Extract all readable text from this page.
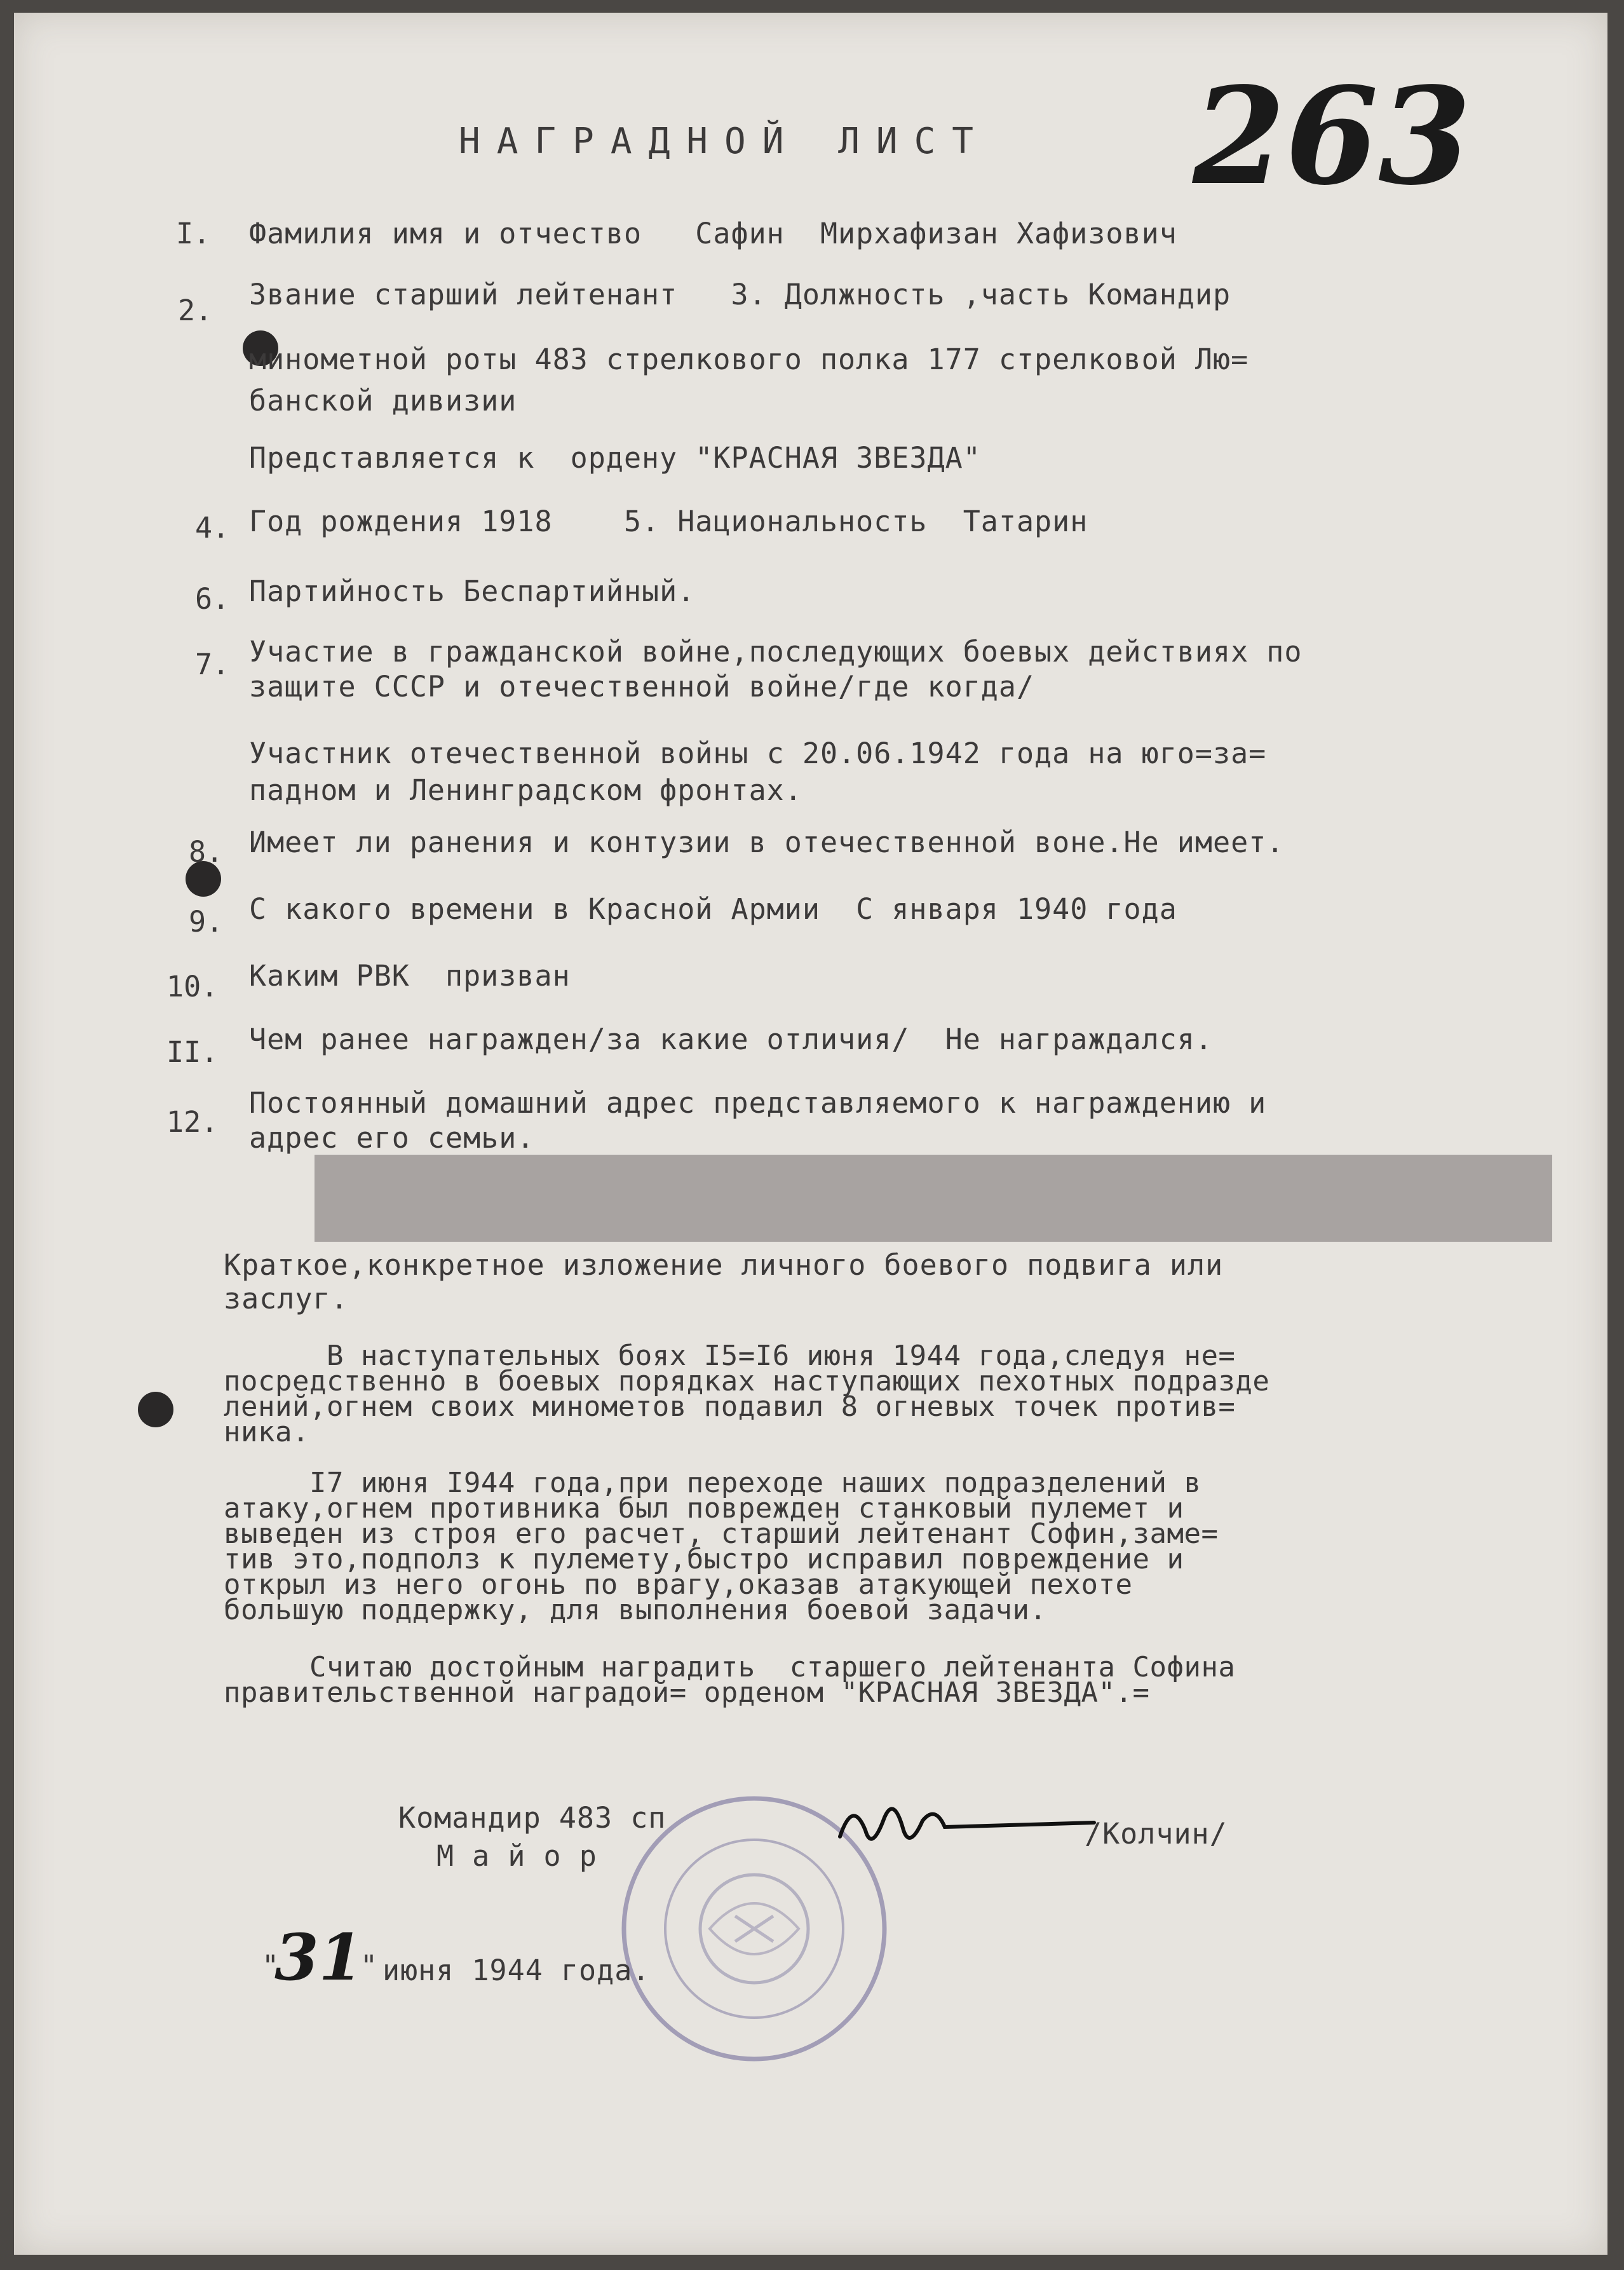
НАГРАДНОЙ ЛИСТ 263
I. Фамилия имя и отчество   Сафин  Мирхафизан Хафизович
2. Звание старший лейтенант   3. Должность ,часть Командир
минометной роты 483 стрелкового полка 177 стрелковой Лю=
банской дивизии
Представляется к  ордену "КРАСНАЯ ЗВЕЗДА"
4. Год рождения 1918    5. Национальность  Татарин
6. Партийность Беспартийный.
7. Участие в гражданской войне,последующих боевых действиях по
защите СССР и отечественной войне/где когда/
Участник отечественной войны с 20.06.1942 года на юго=за=
падном и Ленинградском фронтах.
8. Имеет ли ранения и контузии в отечественной воне.Не имеет.
9. С какого времени в Красной Армии  С января 1940 года
10. Каким РВК  призван
II. Чем ранее награжден/за какие отличия/  Не награждался.
12.
Постоянный домашний адрес представляемого к награждению и
адрес его семьи.
Краткое,конкретное изложение личного боевого подвига или
заслуг.
В наступательных боях I5=I6 июня 1944 года,следуя не=
посредственно в боевых порядках наступающих пехотных подразде
лений,огнем своих минометов подавил 8 огневых точек против=
ника.
I7 июня I944 года,при переходе наших подразделений в
атаку,огнем противника был поврежден станковый пулемет и
выведен из строя его расчет, старший лейтенант Софин,заме=
тив это,подполз к пулемету,быстро исправил повреждение и
открыл из него огонь по врагу,оказав атакующей пехоте
большую поддержку, для выполнения боевой задачи.
Считаю достойным наградить  старшего лейтенанта Софина
правительственной наградой= орденом "КРАСНАЯ ЗВЕЗДА".=
Командир 483 сп
М а й о р
/Колчин/
"
31
" июня 1944 года.
